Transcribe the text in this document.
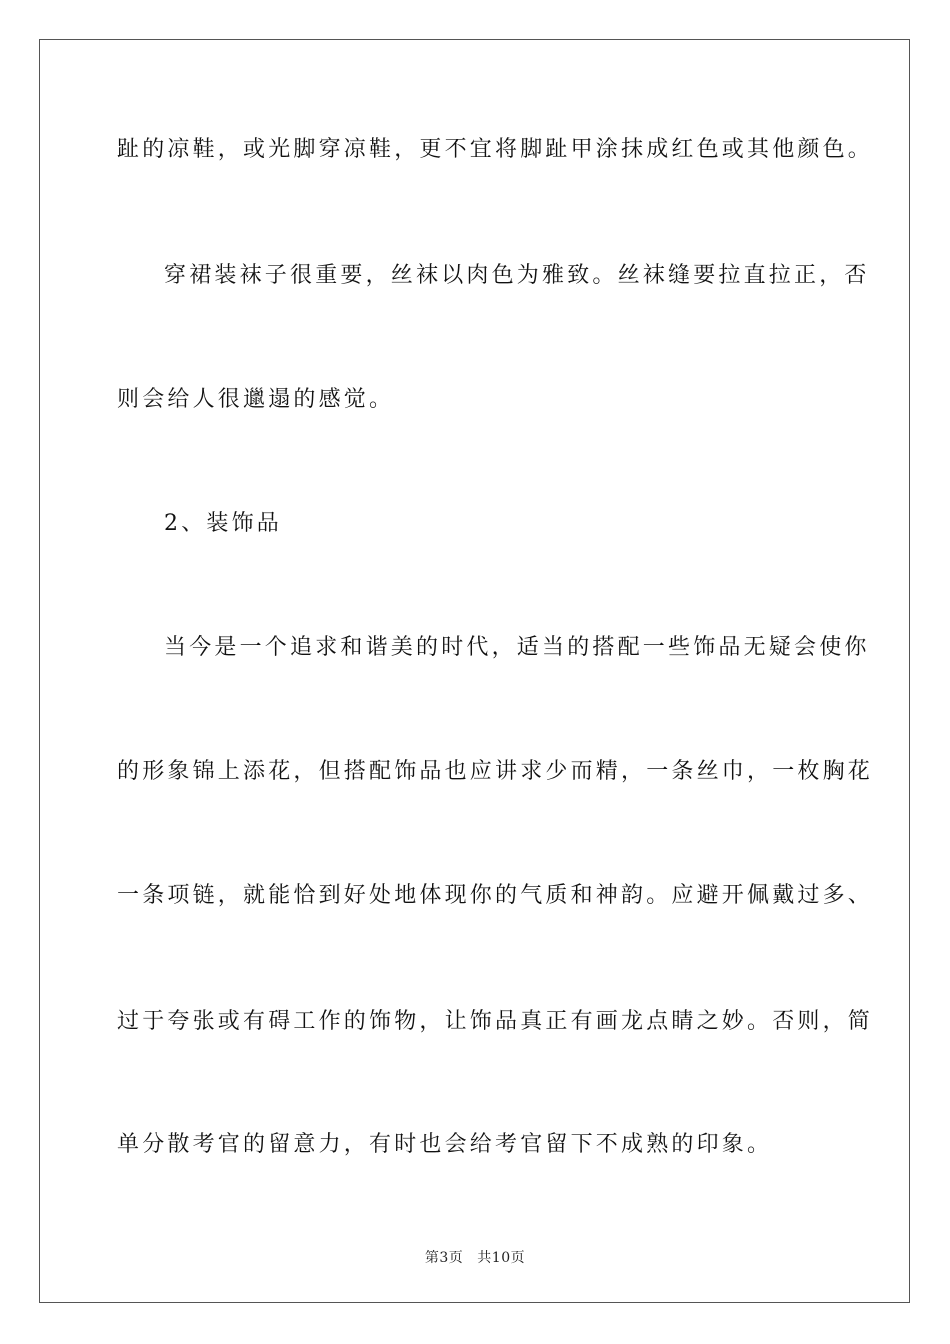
趾的凉鞋，或光脚穿凉鞋，更不宜将脚趾甲涂抹成红色或其他颜色。
穿裙装袜子很重要，丝袜以肉色为雅致。丝袜缝要拉直拉正，否
则会给人很邋遢的感觉。
2、装饰品
当今是一个追求和谐美的时代，适当的搭配一些饰品无疑会使你
的形象锦上添花，但搭配饰品也应讲求少而精，一条丝巾，一枚胸花
一条项链，就能恰到好处地体现你的气质和神韵。应避开佩戴过多、
过于夸张或有碍工作的饰物，让饰品真正有画龙点睛之妙。否则，简
单分散考官的留意力，有时也会给考官留下不成熟的印象。
第3页 共10页
